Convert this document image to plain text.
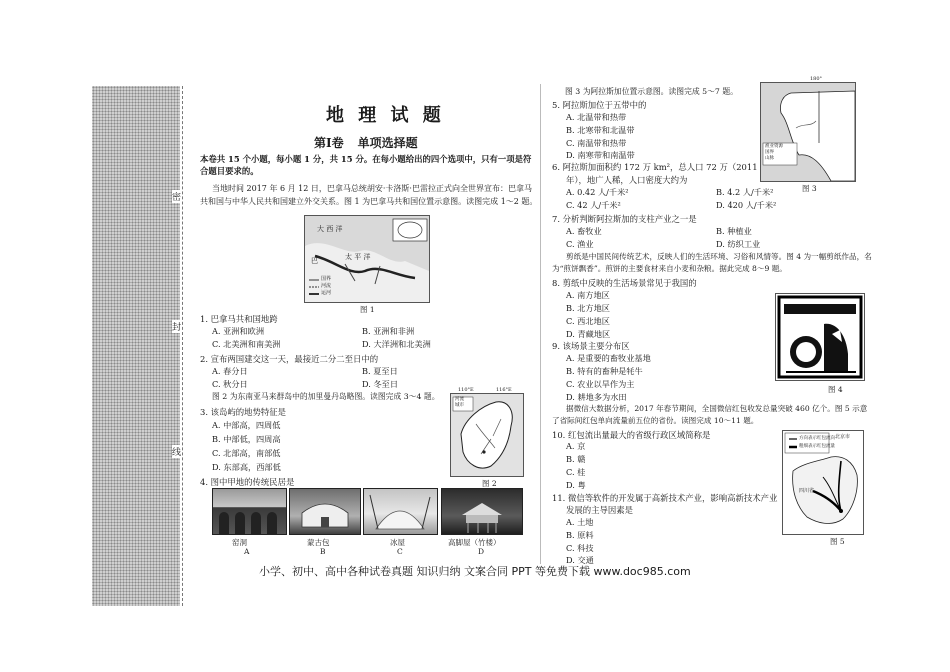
密
封
线
地 理 试 题
第Ⅰ卷 单项选择题
本卷共 15 个小题，每小题 1 分，共 15 分。在每小题给出的四个选项中，只有一项是符合题目要求的。
当地时间 2017 年 6 月 12 日，巴拿马总统胡安·卡洛斯·巴雷拉正式向全世界宣布：巴拿马
共和国与中华人民共和国建立外交关系。图 1 为巴拿马共和国位置示意图。读图完成 1～2 题。
大 西 洋
太 平 洋
巴
国界
河流
运河
图 1
1. 巴拿马共和国地跨
A. 亚洲和欧洲	B. 亚洲和非洲
C. 北美洲和南美洲	D. 大洋洲和北美洲
2. 宣布两国建交这一天，最接近二分二至日中的
A. 春分日	B. 夏至日
C. 秋分日	D. 冬至日
图 2 为东南亚马来群岛中的加里曼丹岛略图。读图完成 3～4 题。
3. 该岛屿的地势特征是
A. 中部高，四周低
B. 中部低，四周高
C. 北部高，南部低
D. 东部高，西部低
河流
城市
110°E	116°E
图 2
4. 图中甲地的传统民居是
窑洞
A
蒙古包
B
冰屋
C
高脚屋（竹楼）
D
图 3 为阿拉斯加位置示意图。读图完成 5～7 题。
渔业资源
国界
山脉
180°
图 3
5. 阿拉斯加位于五带中的
A. 北温带和热带
B. 北寒带和北温带
C. 南温带和热带
D. 南寒带和南温带
6. 阿拉斯加面积约 172 万 km²，总人口 72 万（2011
年），地广人稀，人口密度大约为
A. 0.42 人/千米²	B. 4.2 人/千米²
C. 42 人/千米²	D. 420 人/千米²
7. 分析判断阿拉斯加的支柱产业之一是
A. 畜牧业	B. 种植业
C. 渔业	D. 纺织工业
剪纸是中国民间传统艺术，反映人们的生活环境、习俗和风情等。图 4 为一幅剪纸作品，名
为“煎饼飘香”。煎饼的主要食材来自小麦和杂粮。据此完成 8～9 题。
8. 剪纸中反映的生活场景常见于我国的
A. 南方地区
B. 北方地区
C. 西北地区
D. 青藏地区
图 4
9. 该场景主要分布区
A. 是重要的畜牧业基地
B. 特有的畜种是牦牛
C. 农业以旱作为主
D. 耕地多为水田
据微信大数据分析，2017 年春节期间，全国微信红包收发总量突破 460 亿个。图 5 示意
了省际间红包单向流量前五位的省份。读图完成 10～11 题。
10. 红包流出量最大的省级行政区域简称是
A. 京
B. 赣
C. 桂
D. 粤
11. 微信等软件的开发属于高新技术产业，影响高新技术产业
发展的主导因素是
A. 土地
B. 原料
C. 科技
D. 交通
方向表示红包流向
粗细表示红包流量
北京市
四川省
图 5
小学、初中、高中各种试卷真题 知识归纳 文案合同 PPT 等免费下载 www.doc985.com
